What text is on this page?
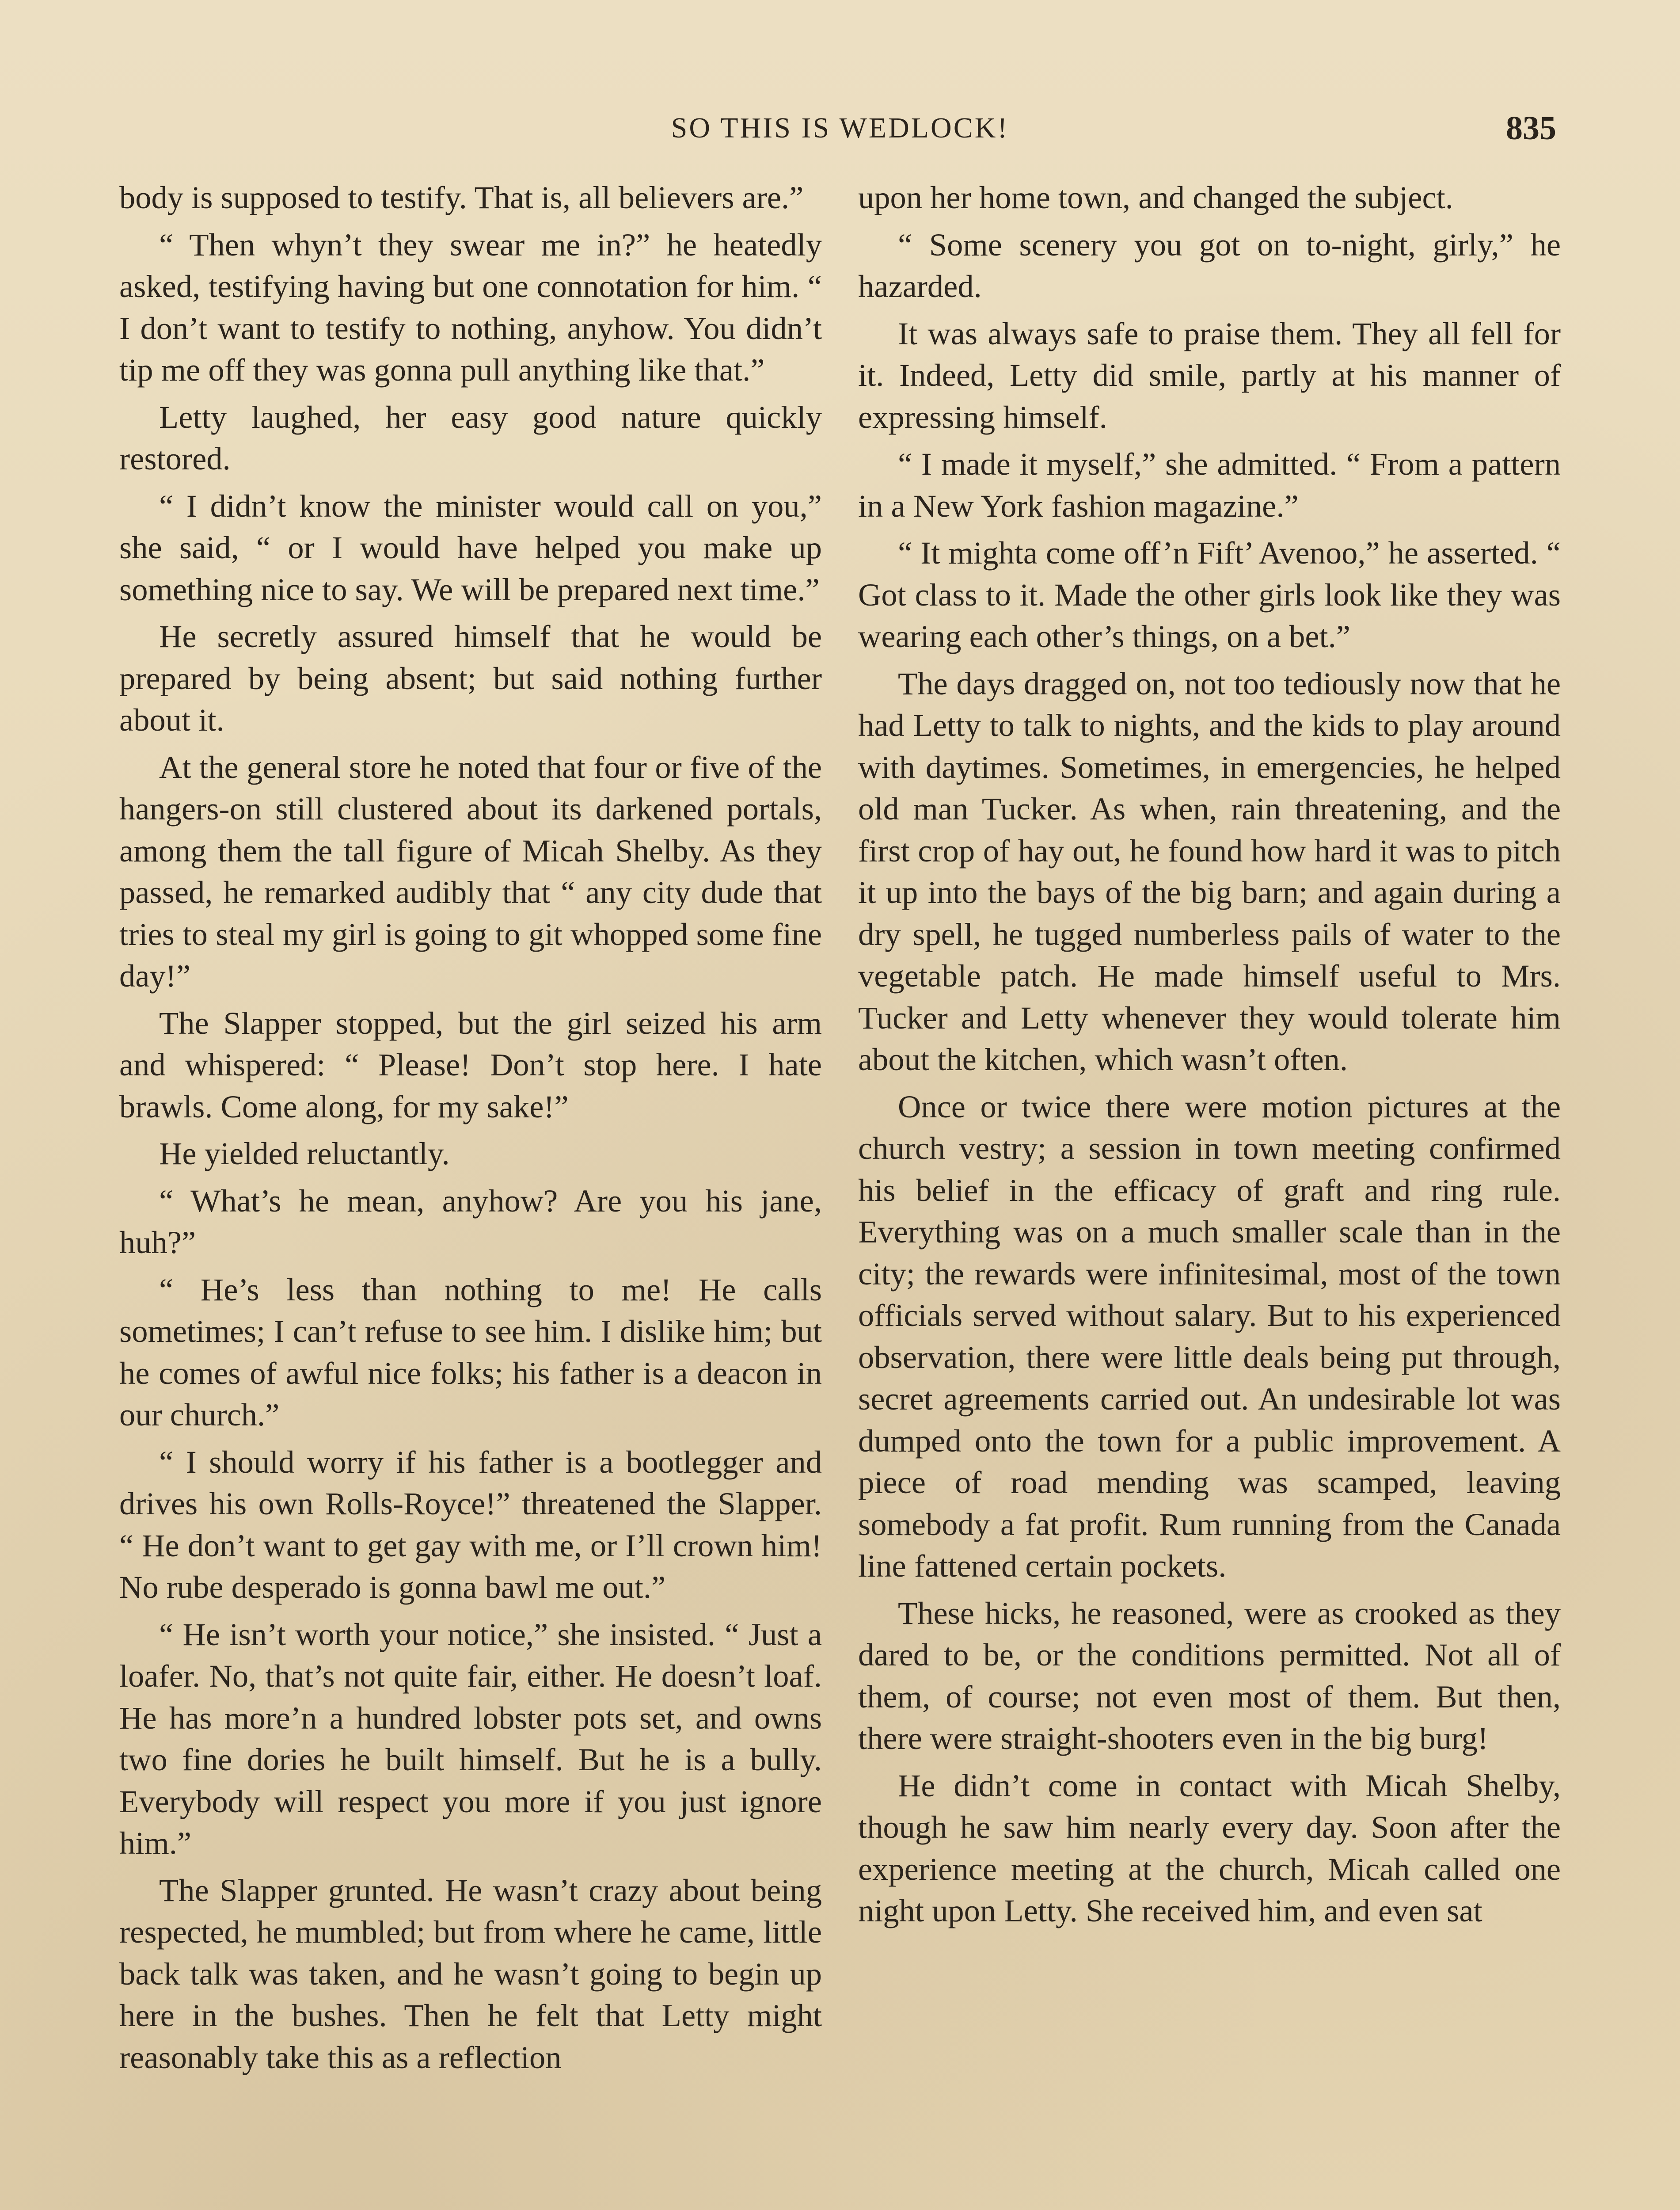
SO THIS IS WEDLOCK!	835

body is supposed to testify. That is, all believers are.”

“ Then whyn’t they swear me in?” he heatedly asked, testifying having but one connotation for him. “ I don’t want to testify to nothing, anyhow. You didn’t tip me off they was gonna pull anything like that.”

Letty laughed, her easy good nature quickly restored.

“ I didn’t know the minister would call on you,” she said, “ or I would have helped you make up something nice to say. We will be prepared next time.”

He secretly assured himself that he would be prepared by being absent; but said nothing further about it.

At the general store he noted that four or five of the hangers-on still clustered about its darkened portals, among them the tall figure of Micah Shelby. As they passed, he remarked audibly that “ any city dude that tries to steal my girl is going to git whopped some fine day!”

The Slapper stopped, but the girl seized his arm and whispered: “ Please! Don’t stop here. I hate brawls. Come along, for my sake!”

He yielded reluctantly.

“ What’s he mean, anyhow? Are you his jane, huh?”

“ He’s less than nothing to me! He calls sometimes; I can’t refuse to see him. I dislike him; but he comes of awful nice folks; his father is a deacon in our church.”

“ I should worry if his father is a bootlegger and drives his own Rolls-Royce!” threatened the Slapper. “ He don’t want to get gay with me, or I’ll crown him! No rube desperado is gonna bawl me out.”

“ He isn’t worth your notice,” she insisted. “ Just a loafer. No, that’s not quite fair, either. He doesn’t loaf. He has more’n a hundred lobster pots set, and owns two fine dories he built himself. But he is a bully. Everybody will respect you more if you just ignore him.”

The Slapper grunted. He wasn’t crazy about being respected, he mumbled; but from where he came, little back talk was taken, and he wasn’t going to begin up here in the bushes. Then he felt that Letty might reasonably take this as a reflection

upon her home town, and changed the subject.

“ Some scenery you got on to-night, girly,” he hazarded.

It was always safe to praise them. They all fell for it. Indeed, Letty did smile, partly at his manner of expressing himself.

“ I made it myself,” she admitted. “ From a pattern in a New York fashion magazine.”

“ It mighta come off’n Fift’ Avenoo,” he asserted. “ Got class to it. Made the other girls look like they was wearing each other’s things, on a bet.”

The days dragged on, not too tediously now that he had Letty to talk to nights, and the kids to play around with daytimes. Sometimes, in emergencies, he helped old man Tucker. As when, rain threatening, and the first crop of hay out, he found how hard it was to pitch it up into the bays of the big barn; and again during a dry spell, he tugged numberless pails of water to the vegetable patch. He made himself useful to Mrs. Tucker and Letty whenever they would tolerate him about the kitchen, which wasn’t often.

Once or twice there were motion pictures at the church vestry; a session in town meeting confirmed his belief in the efficacy of graft and ring rule. Everything was on a much smaller scale than in the city; the rewards were infinitesimal, most of the town officials served without salary. But to his experienced observation, there were little deals being put through, secret agreements carried out. An undesirable lot was dumped onto the town for a public improvement. A piece of road mending was scamped, leaving somebody a fat profit. Rum running from the Canada line fattened certain pockets.

These hicks, he reasoned, were as crooked as they dared to be, or the conditions permitted. Not all of them, of course; not even most of them. But then, there were straight-shooters even in the big burg!

He didn’t come in contact with Micah Shelby, though he saw him nearly every day. Soon after the experience meeting at the church, Micah called one night upon Letty. She received him, and even sat
